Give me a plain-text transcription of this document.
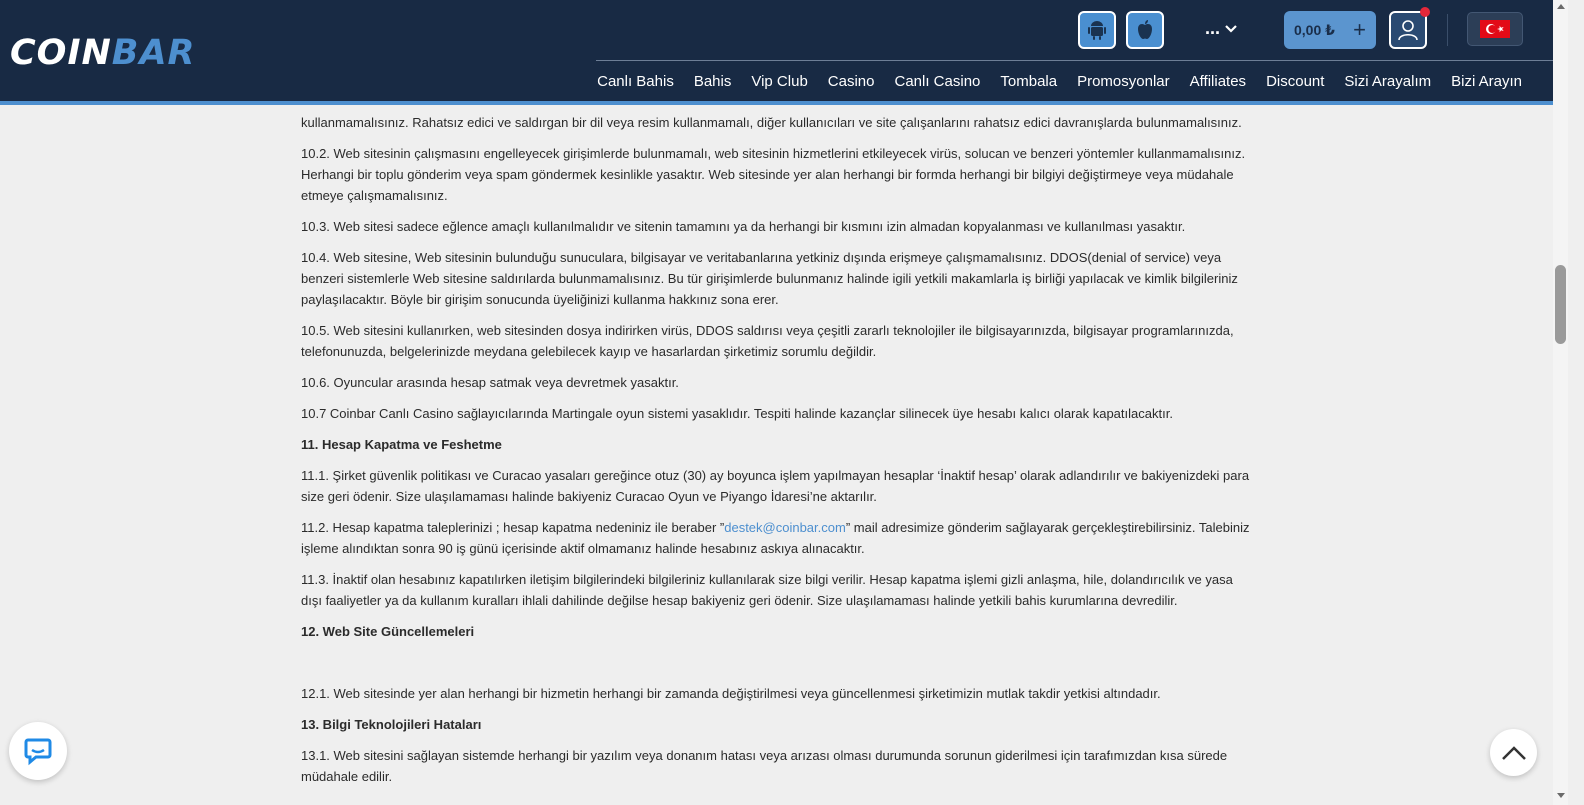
COINBAR
...	0,00 ₺ +
Canlı Bahis Bahis Vip Club Casino Canlı Casino Tombala Promosyonlar Affiliates Discount Sizi Arayalım Bizi Arayın

kullanmamalısınız. Rahatsız edici ve saldırgan bir dil veya resim kullanmamalı, diğer kullanıcıları ve site çalışanlarını rahatsız edici davranışlarda bulunmamalısınız.

10.2. Web sitesinin çalışmasını engelleyecek girişimlerde bulunmamalı, web sitesinin hizmetlerini etkileyecek virüs, solucan ve benzeri yöntemler kullanmamalısınız. Herhangi bir toplu gönderim veya spam göndermek kesinlikle yasaktır. Web sitesinde yer alan herhangi bir formda herhangi bir bilgiyi değiştirmeye veya müdahale etmeye çalışmamalısınız.

10.3. Web sitesi sadece eğlence amaçlı kullanılmalıdır ve sitenin tamamını ya da herhangi bir kısmını izin almadan kopyalanması ve kullanılması yasaktır.

10.4. Web sitesine, Web sitesinin bulunduğu sunuculara, bilgisayar ve veritabanlarına yetkiniz dışında erişmeye çalışmamalısınız. DDOS(denial of service) veya benzeri sistemlerle Web sitesine saldırılarda bulunmamalısınız. Bu tür girişimlerde bulunmanız halinde igili yetkili makamlarla iş birliği yapılacak ve kimlik bilgileriniz paylaşılacaktır. Böyle bir girişim sonucunda üyeliğinizi kullanma hakkınız sona erer.

10.5. Web sitesini kullanırken, web sitesinden dosya indirirken virüs, DDOS saldırısı veya çeşitli zararlı teknolojiler ile bilgisayarınızda, bilgisayar programlarınızda, telefonunuzda, belgelerinizde meydana gelebilecek kayıp ve hasarlardan şirketimiz sorumlu değildir.

10.6. Oyuncular arasında hesap satmak veya devretmek yasaktır.

10.7 Coinbar Canlı Casino sağlayıcılarında Martingale oyun sistemi yasaklıdır. Tespiti halinde kazançlar silinecek üye hesabı kalıcı olarak kapatılacaktır.

11. Hesap Kapatma ve Feshetme

11.1. Şirket güvenlik politikası ve Curacao yasaları gereğince otuz (30) ay boyunca işlem yapılmayan hesaplar ‘İnaktif hesap’ olarak adlandırılır ve bakiyenizdeki para size geri ödenir. Size ulaşılamaması halinde bakiyeniz Curacao Oyun ve Piyango İdaresi’ne aktarılır.

11.2. Hesap kapatma taleplerinizi ; hesap kapatma nedeniniz ile beraber ”destek@coinbar.com” mail adresimize gönderim sağlayarak gerçekleştirebilirsiniz. Talebiniz işleme alındıktan sonra 90 iş günü içerisinde aktif olmamanız halinde hesabınız askıya alınacaktır.

11.3. İnaktif olan hesabınız kapatılırken iletişim bilgilerindeki bilgileriniz kullanılarak size bilgi verilir. Hesap kapatma işlemi gizli anlaşma, hile, dolandırıcılık ve yasa dışı faaliyetler ya da kullanım kuralları ihlali dahilinde değilse hesap bakiyeniz geri ödenir. Size ulaşılamaması halinde yetkili bahis kurumlarına devredilir.

12. Web Site Güncellemeleri

12.1. Web sitesinde yer alan herhangi bir hizmetin herhangi bir zamanda değiştirilmesi veya güncellenmesi şirketimizin mutlak takdir yetkisi altındadır.

13. Bilgi Teknolojileri Hataları

13.1. Web sitesini sağlayan sistemde herhangi bir yazılım veya donanım hatası veya arızası olması durumunda sorunun giderilmesi için tarafımızdan kısa sürede müdahale edilir.
